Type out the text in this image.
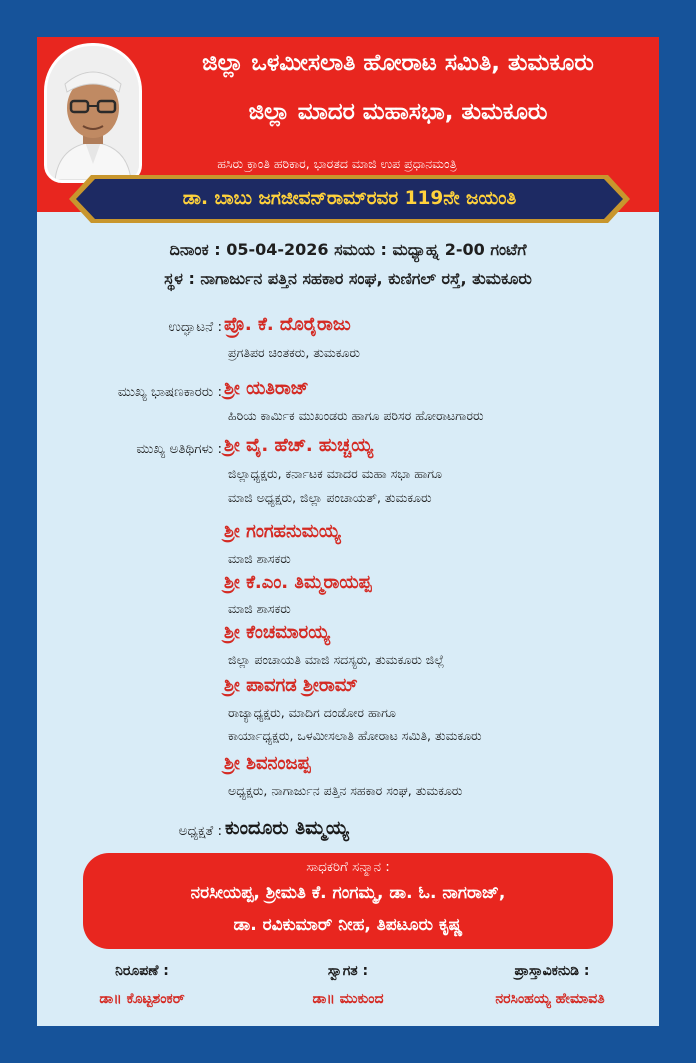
ಜಿಲ್ಲಾ ಒಳಮೀಸಲಾತಿ ಹೋರಾಟ ಸಮಿತಿ, ತುಮಕೂರು
ಜಿಲ್ಲಾ ಮಾದರ ಮಹಾಸಭಾ, ತುಮಕೂರು
ಹಸಿರು ಕ್ರಾಂತಿ ಹರಿಕಾರ, ಭಾರತದ ಮಾಜಿ ಉಪ ಪ್ರಧಾನಮಂತ್ರಿ
ಡಾ. ಬಾಬು ಜಗಜೀವನ್‌ರಾಮ್‌ರವರ 119ನೇ ಜಯಂತಿ
ದಿನಾಂಕ : 05-04-2026 ಸಮಯ : ಮಧ್ಯಾಹ್ನ 2-00 ಗಂಟೆಗೆ
ಸ್ಥಳ : ನಾಗಾರ್ಜುನ ಪತ್ತಿನ ಸಹಕಾರ ಸಂಘ, ಕುಣಿಗಲ್ ರಸ್ತೆ, ತುಮಕೂರು
ಉದ್ಘಾಟನೆ : ಪ್ರೊ. ಕೆ. ದೊರೈರಾಜು
ಪ್ರಗತಿಪರ ಚಿಂತಕರು, ತುಮಕೂರು
ಮುಖ್ಯ ಭಾಷಣಕಾರರು : ಶ್ರೀ ಯತಿರಾಜ್
ಹಿರಿಯ ಕಾರ್ಮಿಕ ಮುಖಂಡರು ಹಾಗೂ ಪರಿಸರ ಹೋರಾಟಗಾರರು
ಮುಖ್ಯ ಅತಿಥಿಗಳು : ಶ್ರೀ ವೈ. ಹೆಚ್. ಹುಚ್ಚಯ್ಯ
ಜಿಲ್ಲಾಧ್ಯಕ್ಷರು, ಕರ್ನಾಟಕ ಮಾದರ ಮಹಾ ಸಭಾ ಹಾಗೂ
ಮಾಜಿ ಅಧ್ಯಕ್ಷರು, ಜಿಲ್ಲಾ ಪಂಚಾಯತ್, ತುಮಕೂರು
ಶ್ರೀ ಗಂಗಹನುಮಯ್ಯ
ಮಾಜಿ ಶಾಸಕರು
ಶ್ರೀ ಕೆ.ಎಂ. ತಿಮ್ಮರಾಯಪ್ಪ
ಮಾಜಿ ಶಾಸಕರು
ಶ್ರೀ ಕೆಂಚಮಾರಯ್ಯ
ಜಿಲ್ಲಾ ಪಂಚಾಯತಿ ಮಾಜಿ ಸದಸ್ಯರು, ತುಮಕೂರು ಜಿಲ್ಲೆ
ಶ್ರೀ ಪಾವಗಡ ಶ್ರೀರಾಮ್
ರಾಜ್ಯಾಧ್ಯಕ್ಷರು, ಮಾದಿಗ ದಂಡೋರ ಹಾಗೂ
ಕಾರ್ಯಾಧ್ಯಕ್ಷರು, ಒಳಮೀಸಲಾತಿ ಹೋರಾಟ ಸಮಿತಿ, ತುಮಕೂರು
ಶ್ರೀ ಶಿವನಂಜಪ್ಪ
ಅಧ್ಯಕ್ಷರು, ನಾಗಾರ್ಜುನ ಪತ್ತಿನ ಸಹಕಾರ ಸಂಘ, ತುಮಕೂರು
ಅಧ್ಯಕ್ಷತೆ : ಕುಂದೂರು ತಿಮ್ಮಯ್ಯ
ಸಾಧಕರಿಗೆ ಸನ್ಮಾನ :
ನರಸೀಯಪ್ಪ, ಶ್ರೀಮತಿ ಕೆ. ಗಂಗಮ್ಮ, ಡಾ. ಓ. ನಾಗರಾಜ್,
ಡಾ. ರವಿಕುಮಾರ್ ನೀಹ, ತಿಪಟೂರು ಕೃಷ್ಣ
ನಿರೂಪಣೆ :
ಡಾ॥ ಕೊಟ್ಟಶಂಕರ್
ಸ್ವಾಗತ :
ಡಾ॥ ಮುಕುಂದ
ಪ್ರಾಸ್ತಾವಿಕನುಡಿ :
ನರಸಿಂಹಯ್ಯ ಹೇಮಾವತಿ
